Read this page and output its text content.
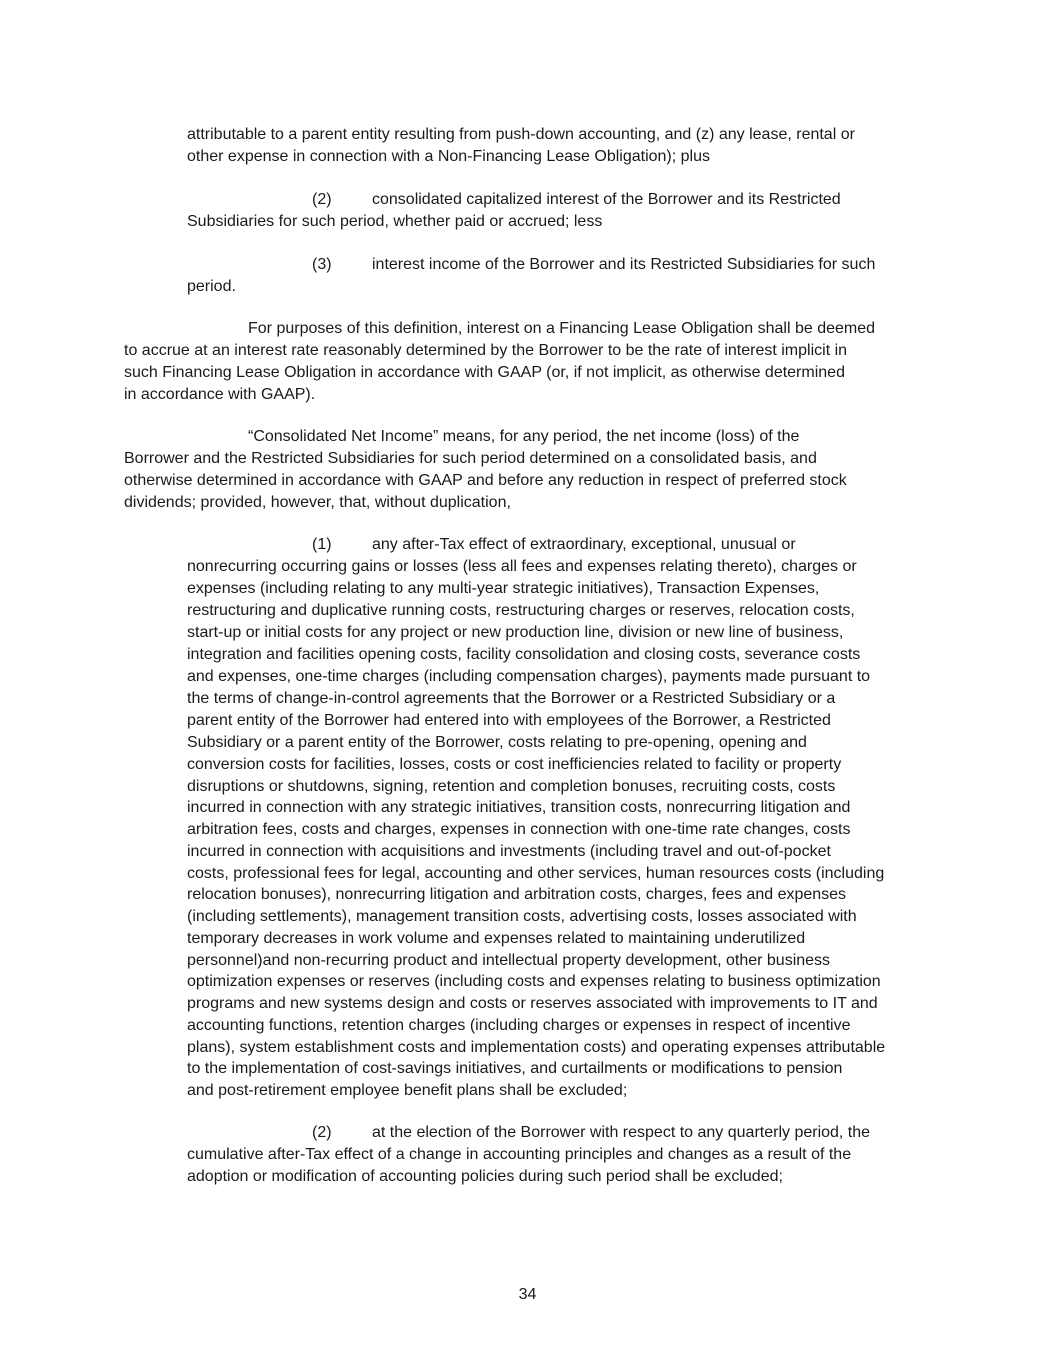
attributable to a parent entity resulting from push-down accounting, and (z) any lease, rental or
other expense in connection with a Non-Financing Lease Obligation); plus
(2)	consolidated capitalized interest of the Borrower and its Restricted
Subsidiaries for such period, whether paid or accrued; less
(3)	interest income of the Borrower and its Restricted Subsidiaries for such
period.
For purposes of this definition, interest on a Financing Lease Obligation shall be deemed
to accrue at an interest rate reasonably determined by the Borrower to be the rate of interest implicit in
such Financing Lease Obligation in accordance with GAAP (or, if not implicit, as otherwise determined
in accordance with GAAP).
“Consolidated Net Income” means, for any period, the net income (loss) of the
Borrower and the Restricted Subsidiaries for such period determined on a consolidated basis, and
otherwise determined in accordance with GAAP and before any reduction in respect of preferred stock
dividends; provided, however, that, without duplication,
(1)	any after-Tax effect of extraordinary, exceptional, unusual or
nonrecurring occurring gains or losses (less all fees and expenses relating thereto), charges or
expenses (including relating to any multi-year strategic initiatives), Transaction Expenses,
restructuring and duplicative running costs, restructuring charges or reserves, relocation costs,
start-up or initial costs for any project or new production line, division or new line of business,
integration and facilities opening costs, facility consolidation and closing costs, severance costs
and expenses, one-time charges (including compensation charges), payments made pursuant to
the terms of change-in-control agreements that the Borrower or a Restricted Subsidiary or a
parent entity of the Borrower had entered into with employees of the Borrower, a Restricted
Subsidiary or a parent entity of the Borrower, costs relating to pre-opening, opening and
conversion costs for facilities, losses, costs or cost inefficiencies related to facility or property
disruptions or shutdowns, signing, retention and completion bonuses, recruiting costs, costs
incurred in connection with any strategic initiatives, transition costs, nonrecurring litigation and
arbitration fees, costs and charges, expenses in connection with one-time rate changes, costs
incurred in connection with acquisitions and investments (including travel and out-of-pocket
costs, professional fees for legal, accounting and other services, human resources costs (including
relocation bonuses), nonrecurring litigation and arbitration costs, charges, fees and expenses
(including settlements), management transition costs, advertising costs, losses associated with
temporary decreases in work volume and expenses related to maintaining underutilized
personnel)and non-recurring product and intellectual property development, other business
optimization expenses or reserves (including costs and expenses relating to business optimization
programs and new systems design and costs or reserves associated with improvements to IT and
accounting functions, retention charges (including charges or expenses in respect of incentive
plans), system establishment costs and implementation costs) and operating expenses attributable
to the implementation of cost-savings initiatives, and curtailments or modifications to pension
and post-retirement employee benefit plans shall be excluded;
(2)	at the election of the Borrower with respect to any quarterly period, the
cumulative after-Tax effect of a change in accounting principles and changes as a result of the
adoption or modification of accounting policies during such period shall be excluded;
34
